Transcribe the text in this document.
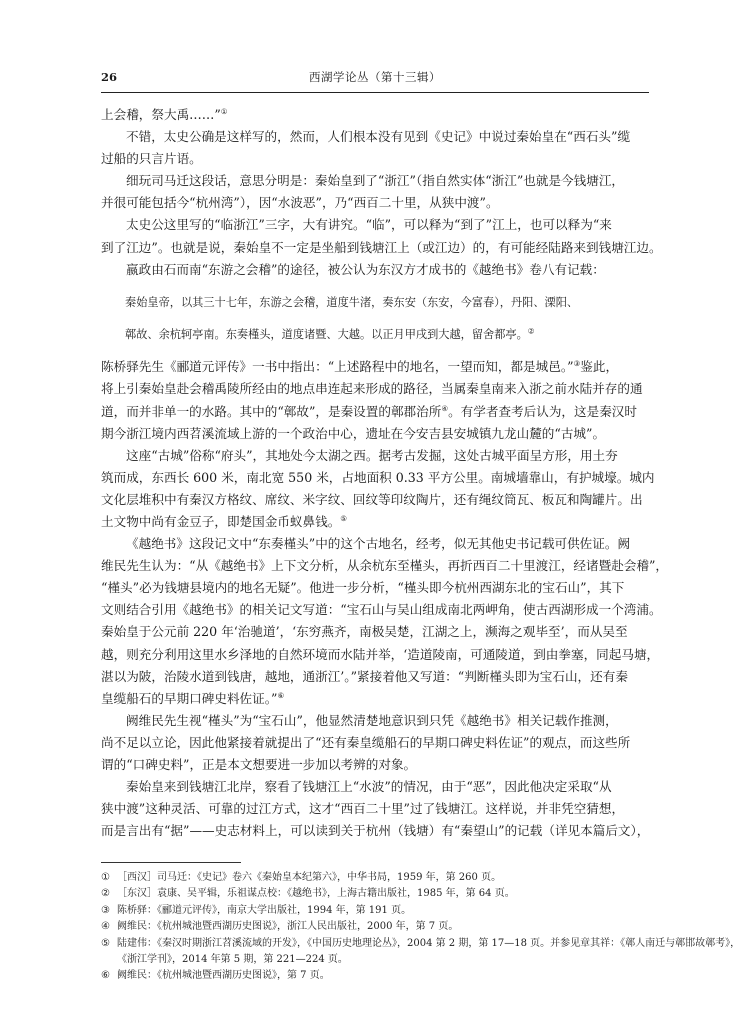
26	西湖学论丛（第十三辑）

上会稽，祭大禹……”①

不错，太史公确是这样写的，然而，人们根本没有见到《史记》中说过秦始皇在“西石头”缆

过船的只言片语。

细玩司马迁这段话，意思分明是：秦始皇到了“浙江”（指自然实体“浙江”也就是今钱塘江，

并很可能包括今“杭州湾”），因“水波恶”，乃“西百二十里，从狭中渡”。

太史公这里写的“临浙江”三字，大有讲究。“临”，可以释为“到了”江上，也可以释为“来

到了江边”。也就是说，秦始皇不一定是坐船到钱塘江上（或江边）的，有可能经陆路来到钱塘江边。

嬴政由石而南“东游之会稽”的途径，被公认为东汉方才成书的《越绝书》卷八有记载：

秦始皇帝，以其三十七年，东游之会稽，道度牛渚，奏东安（东安，今富春），丹阳、溧阳、

鄣故、余杭轲亭南。东奏槿头，道度诸暨、大越。以正月甲戌到大越，留舍都亭。②

陈桥驿先生《郦道元评传》一书中指出：“上述路程中的地名，一望而知，都是城邑。”③鉴此，

将上引秦始皇赴会稽禹陵所经由的地点串连起来形成的路径，当属秦皇南来入浙之前水陆并存的通

道，而并非单一的水路。其中的“鄣故”，是秦设置的鄣郡治所④。有学者查考后认为，这是秦汉时

期今浙江境内西苕溪流域上游的一个政治中心，遗址在今安吉县安城镇九龙山麓的“古城”。

这座“古城”俗称“府头”，其地处今太湖之西。据考古发掘，这处古城平面呈方形，用土夯

筑而成，东西长 600 米，南北宽 550 米，占地面积 0.33 平方公里。南城墙靠山，有护城壕。城内

文化层堆积中有秦汉方格纹、席纹、米字纹、回纹等印纹陶片，还有绳纹筒瓦、板瓦和陶罐片。出

土文物中尚有金豆子，即楚国金币蚁鼻钱。⑤

《越绝书》这段记文中“东奏槿头”中的这个古地名，经考，似无其他史书记载可供佐证。阙

维民先生认为：“从《越绝书》上下文分析，从余杭东至槿头，再折西百二十里渡江，经诸暨赴会稽”，

“槿头”必为钱塘县境内的地名无疑”。他进一步分析，“槿头即今杭州西湖东北的宝石山”，其下

文则结合引用《越绝书》的相关记文写道：“宝石山与吴山组成南北两岬角，使古西湖形成一个湾浦。

秦始皇于公元前 220 年‘治驰道’，‘东穷燕齐，南极吴楚，江湖之上，濒海之观毕至’，而从吴至

越，则充分利用这里水乡泽地的自然环境而水陆并举，‘造道陵南，可通陵道，到由拳塞，同起马塘，

湛以为陂，治陵水道到钱唐，越地，通浙江’。”紧接着他又写道：“判断槿头即为宝石山，还有秦

皇缆船石的早期口碑史料佐证。”⑥

阙维民先生视“槿头”为“宝石山”，他显然清楚地意识到只凭《越绝书》相关记载作推测，

尚不足以立论，因此他紧接着就提出了“还有秦皇缆船石的早期口碑史料佐证”的观点，而这些所

谓的“口碑史料”，正是本文想要进一步加以考辨的对象。

秦始皇来到钱塘江北岸，察看了钱塘江上“水波”的情况，由于“恶”，因此他决定采取“从

狭中渡”这种灵活、可靠的过江方式，这才“西百二十里”过了钱塘江。这样说，并非凭空猜想，

而是言出有“据”——史志材料上，可以读到关于杭州（钱塘）有“秦望山”的记载（详见本篇后文），

① ［西汉］司马迁：《史记》卷六《秦始皇本纪第六》，中华书局，1959 年，第 260 页。

② ［东汉］袁康、吴平辑，乐祖谋点校：《越绝书》，上海古籍出版社，1985 年，第 64 页。

③ 陈桥驿：《郦道元评传》，南京大学出版社，1994 年，第 191 页。

④ 阙维民：《杭州城池暨西湖历史图说》，浙江人民出版社，2000 年，第 7 页。

⑤ 陆建伟：《秦汉时期浙江苕溪流域的开发》，《中国历史地理论丛》，2004 第 2 期，第 17—18 页。并参见章其祥：《鄣人南迁与鄣邯故鄣考》，

《浙江学刊》，2014 年第 5 期，第 221—224 页。

⑥ 阙维民：《杭州城池暨西湖历史图说》，第 7 页。
